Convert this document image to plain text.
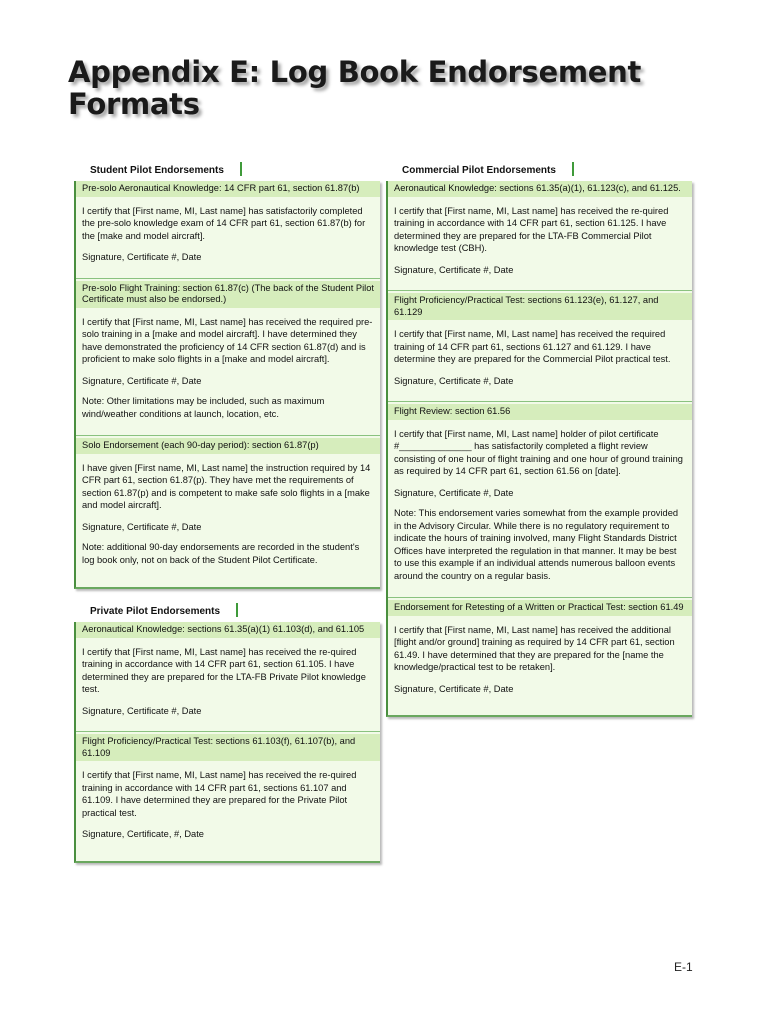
Appendix E: Log Book Endorsement Formats
Student Pilot Endorsements
Pre-solo Aeronautical Knowledge: 14 CFR part 61, section 61.87(b)

I certify that [First name, MI, Last name] has satisfactorily completed the pre-solo knowledge exam of 14 CFR part 61, section 61.87(b) for the [make and model aircraft].

Signature, Certificate #, Date

Pre-solo Flight Training: section 61.87(c) (The back of the Student Pilot Certificate must also be endorsed.)

I certify that [First name, MI, Last name] has received the required pre-solo training in a [make and model aircraft]. I have determined they have demonstrated the proficiency of 14 CFR section 61.87(d) and is proficient to make solo flights in a [make and model aircraft].

Signature, Certificate #, Date

Note: Other limitations may be included, such as maximum wind/weather conditions at launch, location, etc.

Solo Endorsement (each 90-day period): section 61.87(p)

I have given [First name, MI, Last name] the instruction required by 14 CFR part 61, section 61.87(p). They have met the requirements of section 61.87(p) and is competent to make safe solo flights in a [make and model aircraft].

Signature, Certificate #, Date

Note: additional 90-day endorsements are recorded in the student's log book only, not on back of the Student Pilot Certificate.

Private Pilot Endorsements
Aeronautical Knowledge: sections 61.35(a)(1) 61.103(d), and 61.105

I certify that [First name, MI, Last name] has received the re-quired training in accordance with 14 CFR part 61, section 61.105. I have determined they are prepared for the LTA-FB Private Pilot knowledge test.

Signature, Certificate #, Date

Flight Proficiency/Practical Test: sections 61.103(f), 61.107(b), and 61.109

I certify that [First name, MI, Last name] has received the re-quired training in accordance with 14 CFR part 61, sections 61.107 and 61.109. I have determined they are prepared for the Private Pilot practical test.

Signature, Certificate, #, Date

Commercial Pilot Endorsements
Aeronautical Knowledge: sections 61.35(a)(1), 61.123(c), and 61.125.

I certify that [First name, MI, Last name] has received the re-quired training in accordance with 14 CFR part 61, section 61.125. I have determined they are prepared for the LTA-FB Commercial Pilot knowledge test (CBH).

Signature, Certificate #, Date

Flight Proficiency/Practical Test: sections 61.123(e), 61.127, and 61.129

I certify that [First name, MI, Last name] has received the required training of 14 CFR part 61, sections 61.127 and 61.129. I have determine they are prepared for the Commercial Pilot practical test.

Signature, Certificate #, Date

Flight Review: section 61.56

I certify that [First name, MI, Last name] holder of pilot certificate #______________ has satisfactorily completed a flight review consisting of one hour of flight training and one hour of ground training as required by 14 CFR part 61, section 61.56 on [date].

Signature, Certificate #, Date

Note: This endorsement varies somewhat from the example provided in the Advisory Circular. While there is no regulatory requirement to indicate the hours of training involved, many Flight Standards District Offices have interpreted the regulation in that manner. It may be best to use this example if an individual attends numerous balloon events around the country on a regular basis.

Endorsement for Retesting of a Written or Practical Test: section 61.49

I certify that [First name, MI, Last name] has received the additional [flight and/or ground] training as required by 14 CFR part 61, section 61.49. I have determined that they are prepared for the [name the knowledge/practical test to be retaken].

Signature, Certificate #, Date

E-1
